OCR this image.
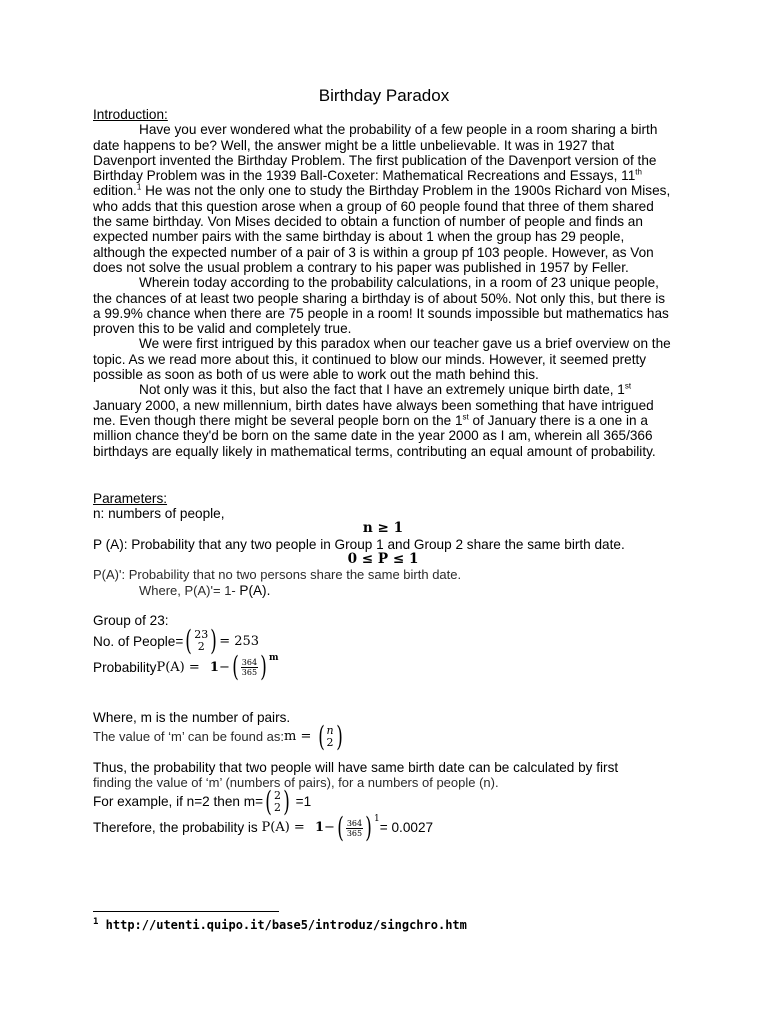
Birthday Paradox

Introduction:

Have you ever wondered what the probability of a few people in a room sharing a birth date happens to be? Well, the answer might be a little unbelievable. It was in 1927 that Davenport invented the Birthday Problem. The first publication of the Davenport version of the Birthday Problem was in the 1939 Ball-Coxeter: Mathematical Recreations and Essays, 11th edition.$^1$ He was not the only one to study the Birthday Problem in the 1900s Richard von Mises, who adds that this question arose when a group of 60 people found that three of them shared the same birthday. Von Mises decided to obtain a function of number of people and finds an expected number pairs with the same birthday is about 1 when the group has 29 people, although the expected number of a pair of 3 is within a group pf 103 people. However, as Von does not solve the usual problem a contrary to his paper was published in 1957 by Feller.

Wherein today according to the probability calculations, in a room of 23 unique people, the chances of at least two people sharing a birthday is of about 50%. Not only this, but there is a 99.9% chance when there are 75 people in a room! It sounds impossible but mathematics has proven this to be valid and completely true.

We were first intrigued by this paradox when our teacher gave us a brief overview on the topic. As we read more about this, it continued to blow our minds. However, it seemed pretty possible as soon as both of us were able to work out the math behind this.

Not only was it this, but also the fact that I have an extremely unique birth date, 1st January 2000, a new millennium, birth dates have always been something that have intrigued me. Even though there might be several people born on the 1st of January there is a one in a million chance they'd be born on the same date in the year 2000 as I am, wherein all 365/366 birthdays are equally likely in mathematical terms, contributing an equal amount of probability.

Parameters:

n: numbers of people,

n ≥ 1

P (A): Probability that any two people in Group 1 and Group 2 share the same birth date.

0 ≤ P ≤ 1

P(A)': Probability that no two persons share the same birth date.

Where, P(A)'= 1- P(A).

Group of 23:

No. of People= ( 23
2 ) = 253
Probability P(A) = 1 − ( $\frac{364}{365}$ ) m

Where, m is the number of pairs.

The value of ‘m’ can be found as: m = ( n
2 )

Thus, the probability that two people will have same birth date can be calculated by first

finding the value of ‘m’ (numbers of pairs), for a numbers of people (n).

For example, if n=2 then m= ( 2
2 ) =1
Therefore, the probability is P(A) = 1 − ( $\frac{364}{365}$ ) 1
= 0.0027
$^1$ http://utenti.quipo.it/base5/introduz/singchro.htm
